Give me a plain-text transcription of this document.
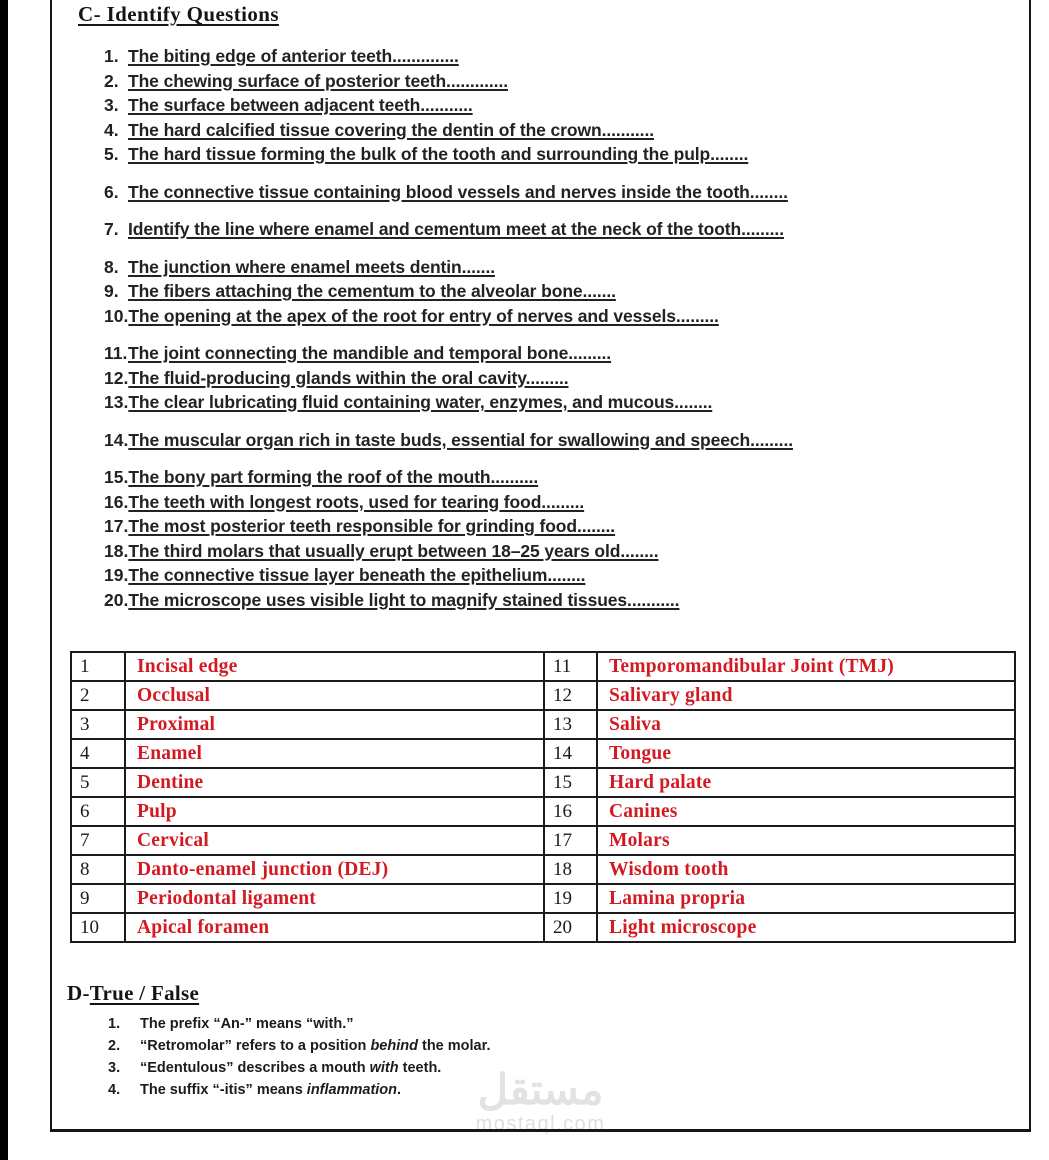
C- Identify Questions
1. The biting edge of anterior teeth..............
2. The chewing surface of posterior teeth.............
3. The surface between adjacent teeth...........
4. The hard calcified tissue covering the dentin of the crown...........
5. The hard tissue forming the bulk of the tooth and surrounding the pulp........
6. The connective tissue containing blood vessels and nerves inside the tooth........
7. Identify the line where enamel and cementum meet at the neck of the tooth.........
8. The junction where enamel meets dentin.......
9. The fibers attaching the cementum to the alveolar bone.......
10. The opening at the apex of the root for entry of nerves and vessels.........
11. The joint connecting the mandible and temporal bone.........
12. The fluid-producing glands within the oral cavity.........
13. The clear lubricating fluid containing water, enzymes, and mucous........
14. The muscular organ rich in taste buds, essential for swallowing and speech.........
15. The bony part forming the roof of the mouth..........
16. The teeth with longest roots, used for tearing food.........
17. The most posterior teeth responsible for grinding food........
18. The third molars that usually erupt between 18–25 years old........
19. The connective tissue layer beneath the epithelium........
20. The microscope uses visible light to magnify stained tissues...........
1	Incisal edge	11	Temporomandibular Joint (TMJ)
2	Occlusal	12	Salivary gland
3	Proximal	13	Saliva
4	Enamel	14	Tongue
5	Dentine	15	Hard palate
6	Pulp	16	Canines
7	Cervical	17	Molars
8	Danto-enamel junction (DEJ)	18	Wisdom tooth
9	Periodontal ligament	19	Lamina propria
10	Apical foramen	20	Light microscope
D-True / False
1.	The prefix “An-” means “with.”
2.	“Retromolar” refers to a position behind the molar.
3.	“Edentulous” describes a mouth with teeth.
4.	The suffix “-itis” means inflammation.	مستقل
mostaql.com
